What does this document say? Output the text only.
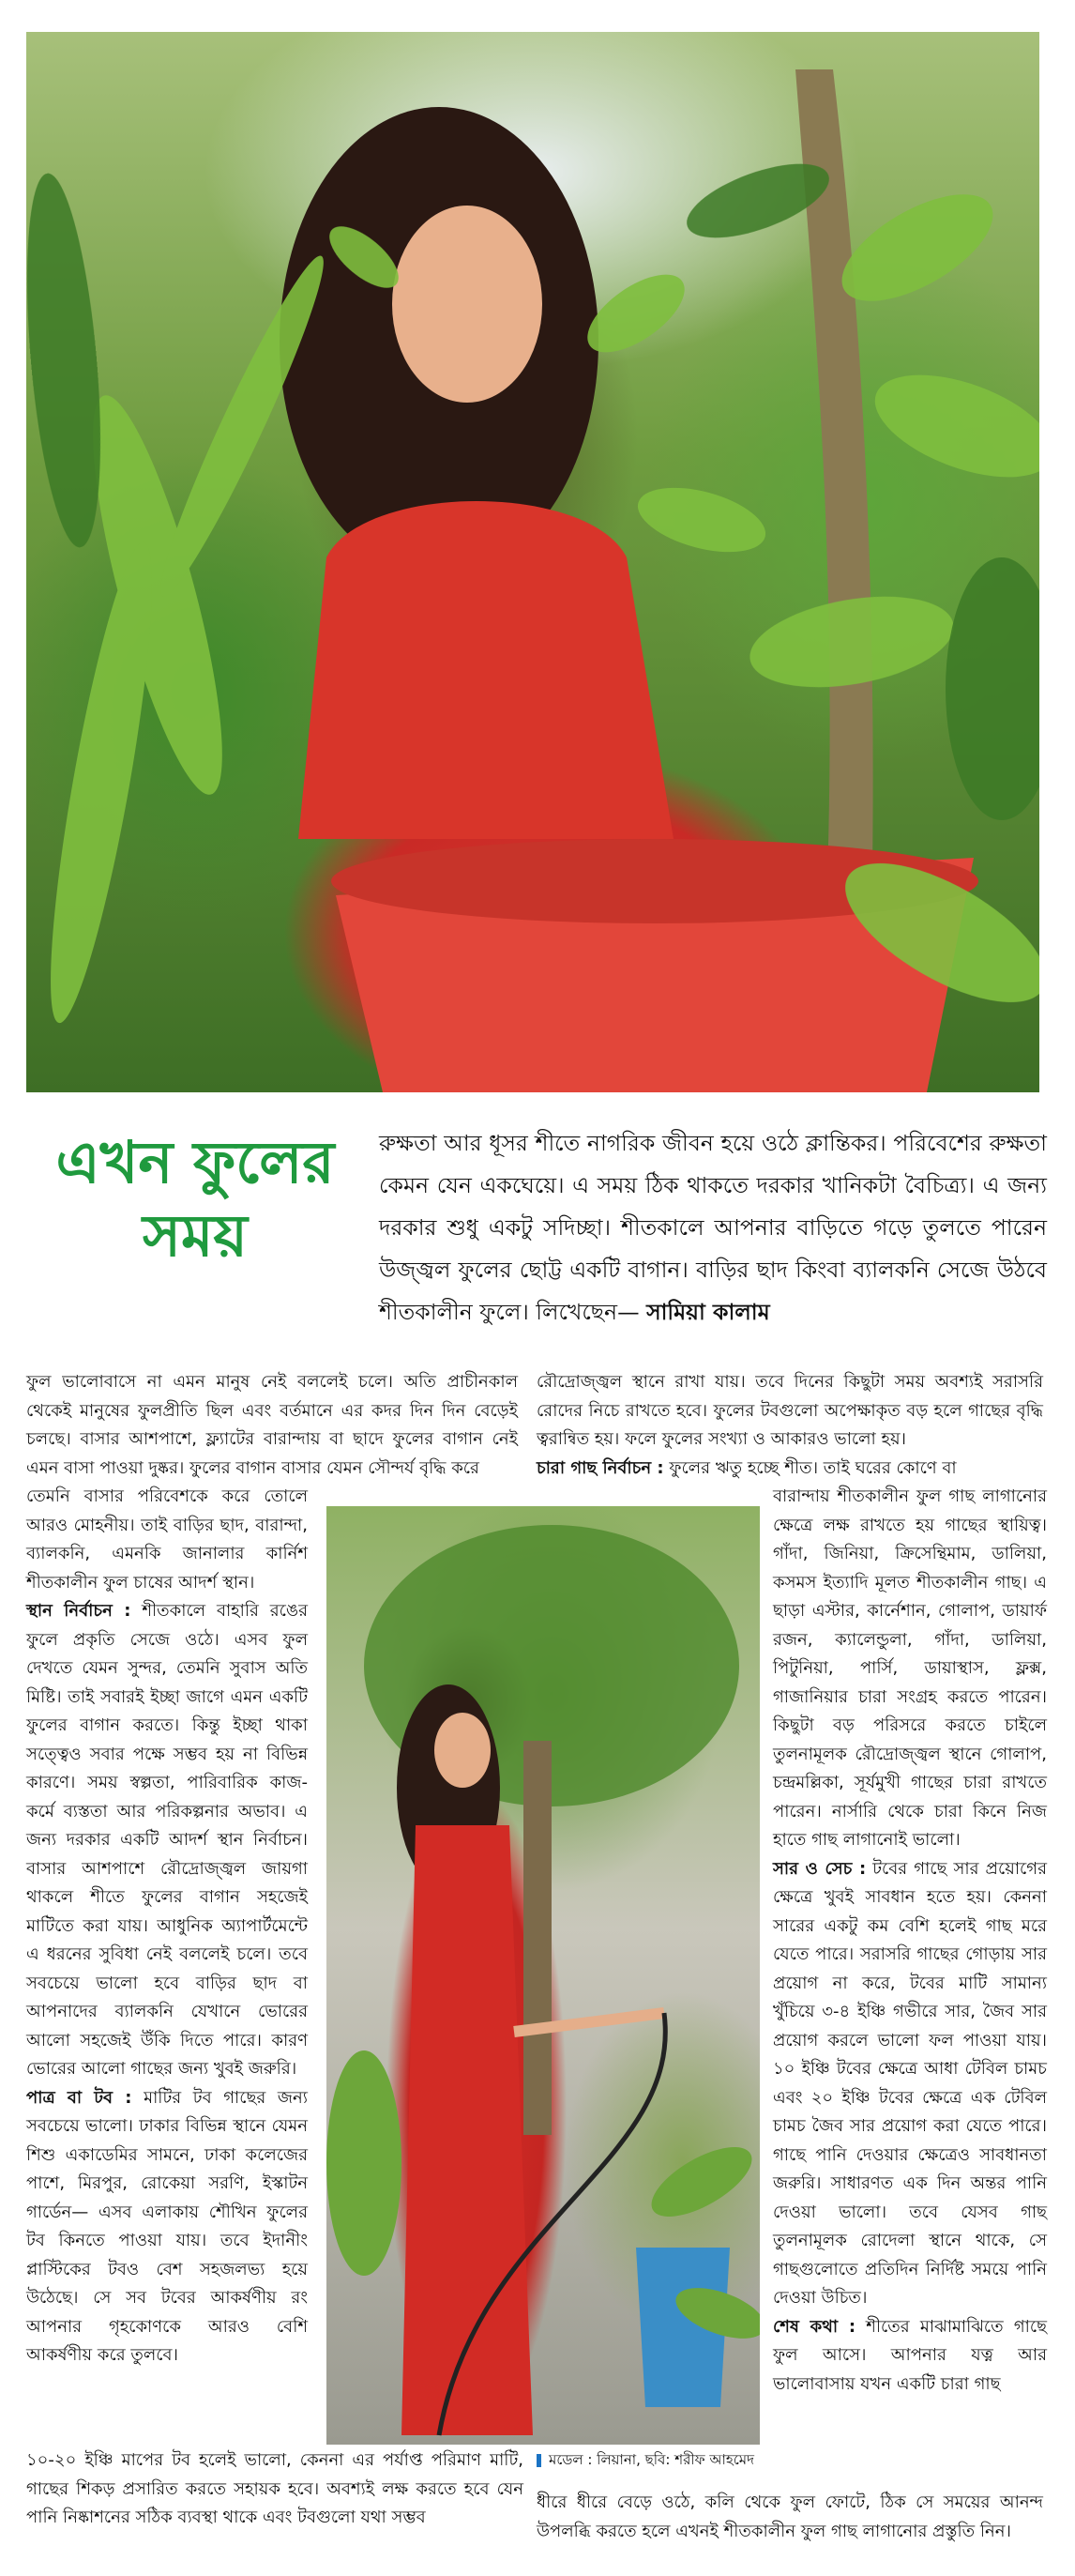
এখন ফুলের
সময়
রুক্ষতা আর ধূসর শীতে নাগরিক জীবন হয়ে ওঠে ক্লান্তিকর। পরিবেশের রুক্ষতা কেমন যেন একঘেয়ে। এ সময় ঠিক থাকতে দরকার খানিকটা বৈচিত্র্য। এ জন্য দরকার শুধু একটু সদিচ্ছা। শীতকালে আপনার বাড়িতে গড়ে তুলতে পারেন উজ্জ্বল ফুলের ছোট্ট একটি বাগান। বাড়ির ছাদ কিংবা ব্যালকনি সেজে উঠবে শীতকালীন ফুলে। লিখেছেন— সামিয়া কালাম

ফুল ভালোবাসে না এমন মানুষ নেই বললেই চলে। অতি প্রাচীনকাল থেকেই মানুষের ফুলপ্রীতি ছিল এবং বর্তমানে এর কদর দিন দিন বেড়েই চলছে। বাসার আশপাশে, ফ্ল্যাটের বারান্দায় বা ছাদে ফুলের বাগান নেই এমন বাসা পাওয়া দুষ্কর। ফুলের বাগান বাসার যেমন সৌন্দর্য বৃদ্ধি করে

তেমনি বাসার পরিবেশকে করে তোলে আরও মোহনীয়। তাই বাড়ির ছাদ, বারান্দা, ব্যালকনি, এমনকি জানালার কার্নিশ শীতকালীন ফুল চাষের আদর্শ স্থান।

স্থান নির্বাচন : শীতকালে বাহারি রঙের ফুলে প্রকৃতি সেজে ওঠে। এসব ফুল দেখতে যেমন সুন্দর, তেমনি সুবাস অতি মিষ্টি। তাই সবারই ইচ্ছা জাগে এমন একটি ফুলের বাগান করতে। কিন্তু ইচ্ছা থাকা সত্ত্বেও সবার পক্ষে সম্ভব হয় না বিভিন্ন কারণে। সময় স্বল্পতা, পারিবারিক কাজ-কর্মে ব্যস্ততা আর পরিকল্পনার অভাব। এ জন্য দরকার একটি আদর্শ স্থান নির্বাচন। বাসার আশপাশে রৌদ্রোজ্জ্বল জায়গা থাকলে শীতে ফুলের বাগান সহজেই মাটিতে করা যায়। আধুনিক অ্যাপার্টমেন্টে এ ধরনের সুবিধা নেই বললেই চলে। তবে সবচেয়ে ভালো হবে বাড়ির ছাদ বা আপনাদের ব্যালকনি যেখানে ভোরের আলো সহজেই উঁকি দিতে পারে। কারণ ভোরের আলো গাছের জন্য খুবই জরুরি।

পাত্র বা টব : মাটির টব গাছের জন্য সবচেয়ে ভালো। ঢাকার বিভিন্ন স্থানে যেমন শিশু একাডেমির সামনে, ঢাকা কলেজের পাশে, মিরপুর, রোকেয়া সরণি, ইস্কাটন গার্ডেন— এসব এলাকায় শৌখিন ফুলের টব কিনতে পাওয়া যায়। তবে ইদানীং প্লাস্টিকের টবও বেশ সহজলভ্য হয়ে উঠেছে। সে সব টবের আকর্ষণীয় রং আপনার গৃহকোণকে আরও বেশি আকর্ষণীয় করে তুলবে।

১০-২০ ইঞ্চি মাপের টব হলেই ভালো, কেননা এর পর্যাপ্ত পরিমাণ মাটি, গাছের শিকড় প্রসারিত করতে সহায়ক হবে। অবশ্যই লক্ষ করতে হবে যেন পানি নিষ্কাশনের সঠিক ব্যবস্থা থাকে এবং টবগুলো যথা সম্ভব

রৌদ্রোজ্জ্বল স্থানে রাখা যায়। তবে দিনের কিছুটা সময় অবশ্যই সরাসরি রোদের নিচে রাখতে হবে। ফুলের টবগুলো অপেক্ষাকৃত বড় হলে গাছের বৃদ্ধি ত্বরান্বিত হয়। ফলে ফুলের সংখ্যা ও আকারও ভালো হয়।

চারা গাছ নির্বাচন : ফুলের ঋতু হচ্ছে শীত। তাই ঘরের কোণে বা

মডেল : লিয়ানা, ছবি: শরীফ আহমেদ

বারান্দায় শীতকালীন ফুল গাছ লাগানোর ক্ষেত্রে লক্ষ রাখতে হয় গাছের স্থায়িত্ব। গাঁদা, জিনিয়া, ক্রিসেন্থিমাম, ডালিয়া, কসমস ইত্যাদি মূলত শীতকালীন গাছ। এ ছাড়া এস্টার, কার্নেশান, গোলাপ, ডায়ার্ফ রজন, ক্যালেন্ডুলা, গাঁদা, ডালিয়া, পিটুনিয়া, পার্সি, ডায়াস্থাস, ফ্লক্স, গাজানিয়ার চারা সংগ্রহ করতে পারেন। কিছুটা বড় পরিসরে করতে চাইলে তুলনামূলক রৌদ্রোজ্জ্বল স্থানে গোলাপ, চন্দ্রমল্লিকা, সূর্যমুখী গাছের চারা রাখতে পারেন। নার্সারি থেকে চারা কিনে নিজ হাতে গাছ লাগানোই ভালো।

সার ও সেচ : টবের গাছে সার প্রয়োগের ক্ষেত্রে খুবই সাবধান হতে হয়। কেননা সারের একটু কম বেশি হলেই গাছ মরে যেতে পারে। সরাসরি গাছের গোড়ায় সার প্রয়োগ না করে, টবের মাটি সামান্য খুঁচিয়ে ৩-৪ ইঞ্চি গভীরে সার, জৈব সার প্রয়োগ করলে ভালো ফল পাওয়া যায়। ১০ ইঞ্চি টবের ক্ষেত্রে আধা টেবিল চামচ এবং ২০ ইঞ্চি টবের ক্ষেত্রে এক টেবিল চামচ জৈব সার প্রয়োগ করা যেতে পারে। গাছে পানি দেওয়ার ক্ষেত্রেও সাবধানতা জরুরি। সাধারণত এক দিন অন্তর পানি দেওয়া ভালো। তবে যেসব গাছ তুলনামূলক রোদেলা স্থানে থাকে, সে গাছগুলোতে প্রতিদিন নির্দিষ্ট সময়ে পানি দেওয়া উচিত।

শেষ কথা : শীতের মাঝামাঝিতে গাছে ফুল আসে। আপনার যত্ন আর ভালোবাসায় যখন একটি চারা গাছ

ধীরে ধীরে বেড়ে ওঠে, কলি থেকে ফুল ফোটে, ঠিক সে সময়ের আনন্দ উপলব্ধি করতে হলে এখনই শীতকালীন ফুল গাছ লাগানোর প্রস্তুতি নিন।
